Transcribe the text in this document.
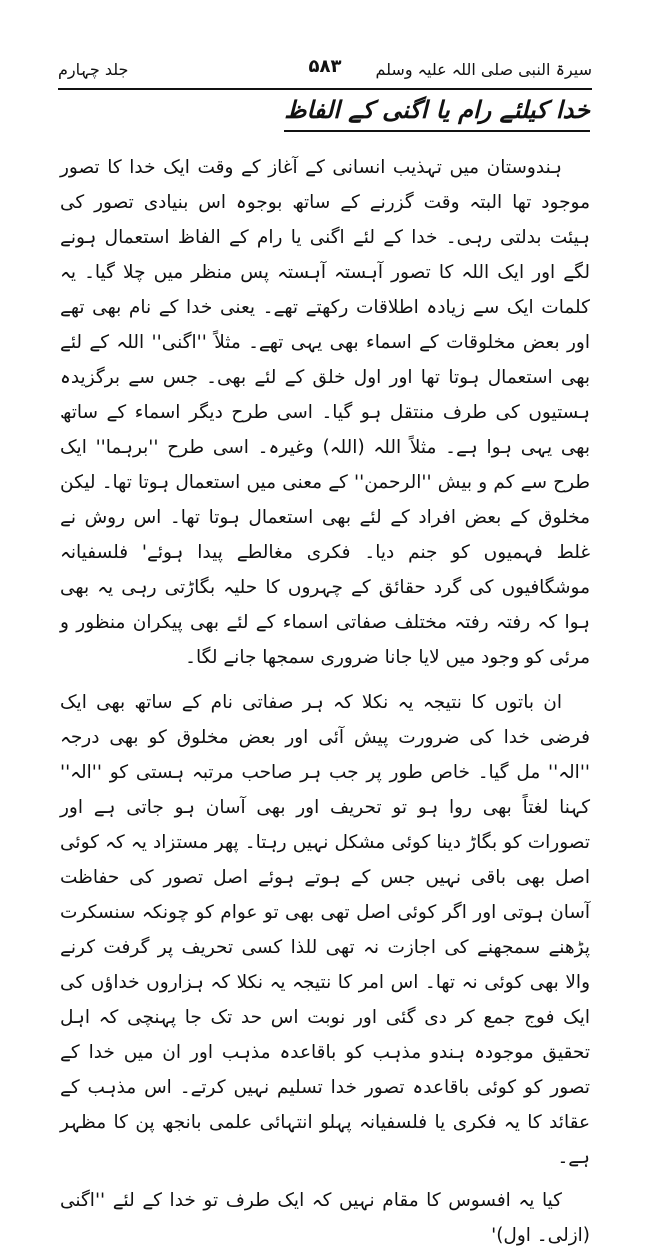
سیرۃ النبی صلی اللہ علیہ وسلم
۵۸۳
جلد چہارم
خدا کیلئے رام یا اگنی کے الفاظ

ہندوستان میں تہذیب انسانی کے آغاز کے وقت ایک خدا کا تصور موجود تھا البتہ وقت گزرنے کے ساتھ بوجوہ اس بنیادی تصور کی ہیئت بدلتی رہی۔ خدا کے لئے اگنی یا رام کے الفاظ استعمال ہونے لگے اور ایک اللہ کا تصور آہستہ آہستہ پس منظر میں چلا گیا۔ یہ کلمات ایک سے زیادہ اطلاقات رکھتے تھے۔ یعنی خدا کے نام بھی تھے اور بعض مخلوقات کے اسماء بھی یہی تھے۔ مثلاً ''اگنی'' اللہ کے لئے بھی استعمال ہوتا تھا اور اول خلق کے لئے بھی۔ جس سے برگزیدہ ہستیوں کی طرف منتقل ہو گیا۔ اسی طرح دیگر اسماء کے ساتھ بھی یہی ہوا ہے۔ مثلاً اللہ (اللہ) وغیرہ۔ اسی طرح ''برہما'' ایک طرح سے کم و بیش ''الرحمن'' کے معنی میں استعمال ہوتا تھا۔ لیکن مخلوق کے بعض افراد کے لئے بھی استعمال ہوتا تھا۔ اس روش نے غلط فہمیوں کو جنم دیا۔ فکری مغالطے پیدا ہوئے' فلسفیانہ موشگافیوں کی گرد حقائق کے چہروں کا حلیہ بگاڑتی رہی یہ بھی ہوا کہ رفتہ رفتہ مختلف صفاتی اسماء کے لئے بھی پیکران منظور و مرئی کو وجود میں لایا جانا ضروری سمجھا جانے لگا۔

ان باتوں کا نتیجہ یہ نکلا کہ ہر صفاتی نام کے ساتھ بھی ایک فرضی خدا کی ضرورت پیش آئی اور بعض مخلوق کو بھی درجہ ''الہ'' مل گیا۔ خاص طور پر جب ہر صاحب مرتبہ ہستی کو ''الہ'' کہنا لغتاً بھی روا ہو تو تحریف اور بھی آسان ہو جاتی ہے اور تصورات کو بگاڑ دینا کوئی مشکل نہیں رہتا۔ پھر مستزاد یہ کہ کوئی اصل بھی باقی نہیں جس کے ہوتے ہوئے اصل تصور کی حفاظت آسان ہوتی اور اگر کوئی اصل تھی بھی تو عوام کو چونکہ سنسکرت پڑھنے سمجھنے کی اجازت نہ تھی للذا کسی تحریف پر گرفت کرنے والا بھی کوئی نہ تھا۔ اس امر کا نتیجہ یہ نکلا کہ ہزاروں خداؤں کی ایک فوج جمع کر دی گئی اور نوبت اس حد تک جا پہنچی کہ اہل تحقیق موجودہ ہندو مذہب کو باقاعدہ مذہب اور ان میں خدا کے تصور کو کوئی باقاعدہ تصور خدا تسلیم نہیں کرتے۔ اس مذہب کے عقائد کا یہ فکری یا فلسفیانہ پہلو انتہائی علمی بانجھ پن کا مظہر ہے۔

کیا یہ افسوس کا مقام نہیں کہ ایک طرف تو خدا کے لئے ''اگنی (ازلی۔ اول)'
